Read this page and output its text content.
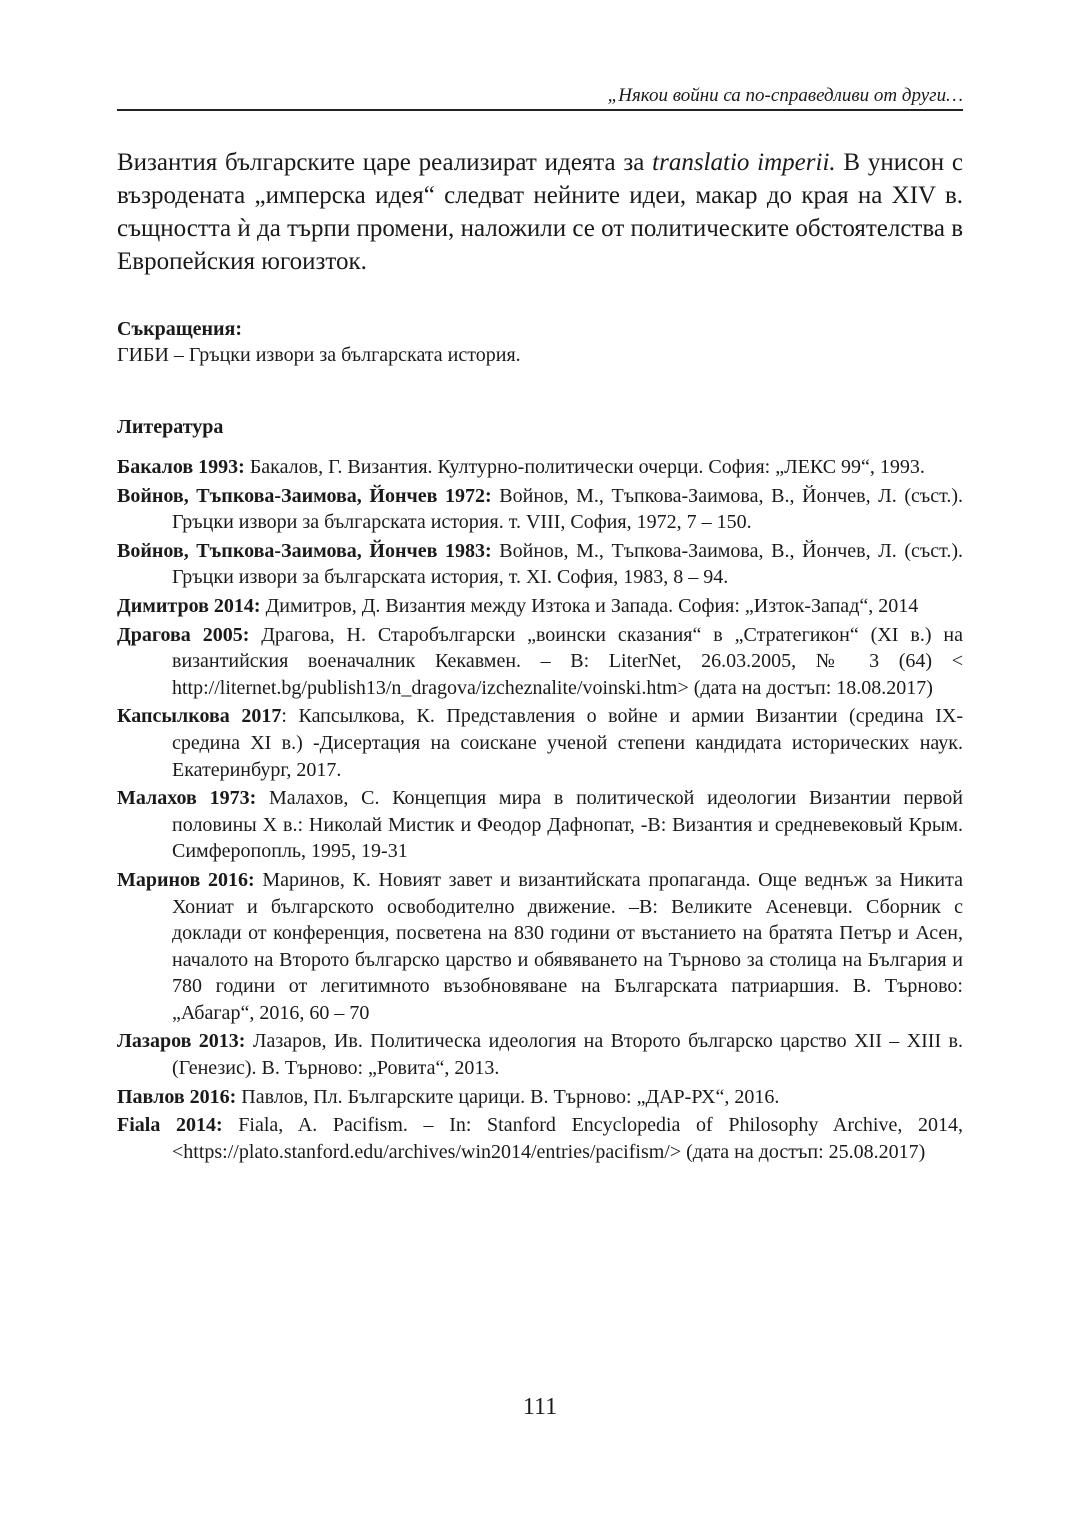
„Някои войни са по-справедливи от други…

Византия българските царе реализират идеята за translatio imperii. В унисон с възродената „имперска идея“ следват нейните идеи, макар до края на XIV в. същността ѝ да търпи промени, наложили се от политическите обстоятелства в Европейския югоизток.

Съкращения:

ГИБИ – Гръцки извори за българската история.

Литература
Бакалов 1993: Бакалов, Г. Византия. Културно-политически очерци. София: „ЛЕКС 99“, 1993.
Войнов, Тъпкова-Заимова, Йончев 1972: Войнов, М., Тъпкова-Заимова, В., Йончев, Л. (съст.). Гръцки извори за българската история. т. VIII, София, 1972, 7 – 150.
Войнов, Тъпкова-Заимова, Йончев 1983: Войнов, М., Тъпкова-Заимова, В., Йончев, Л. (съст.). Гръцки извори за българската история, т. XI. София, 1983, 8 – 94.
Димитров 2014: Димитров, Д. Византия между Изтока и Запада. София: „Изток-Запад“, 2014
Драгова 2005: Драгова, Н. Старобългарски „воински сказания“ в „Стратегикон“ (XI в.) на византийския военачалник Кекавмен. – В: LiterNet, 26.03.2005, № 3 (64) < http://liternet.bg/publish13/n_dragova/izcheznalite/voinski.htm> (дата на достъп: 18.08.2017)
Капсылкова 2017: Капсылкова, К. Представления о войне и армии Византии (средина IX- средина XI в.) -Дисертация на соискане ученой степени кандидата исторических наук. Екатеринбург, 2017.
Малахов 1973: Малахов, С. Концепция мира в политической идеологии Византии первой половины X в.: Николай Мистик и Феодор Дафнопат, -В: Византия и средневековый Крым. Симферопопль, 1995, 19-31
Маринов 2016: Маринов, К. Новият завет и византийската пропаганда. Още веднъж за Никита Хониат и българското освободително движение. –В: Великите Асеневци. Сборник с доклади от конференция, посветена на 830 години от въстанието на братята Петър и Асен, началото на Второто българско царство и обявяването на Търново за столица на България и 780 години от легитимното възобновяване на Българската патриаршия. В. Търново: „Абагар“, 2016, 60 – 70
Лазаров 2013: Лазаров, Ив. Политическа идеология на Второто българско царство XII – XIII в. (Генезис). В. Търново: „Ровита“, 2013.
Павлов 2016: Павлов, Пл. Българските царици. В. Търново: „ДАР-РХ“, 2016.
Fiala 2014: Fiala, A. Pacifism. – In: Stanford Encyclopedia of Philosophy Archive, 2014, <https://plato.stanford.edu/archives/win2014/entries/pacifism/> (дата на достъп: 25.08.2017)
111
